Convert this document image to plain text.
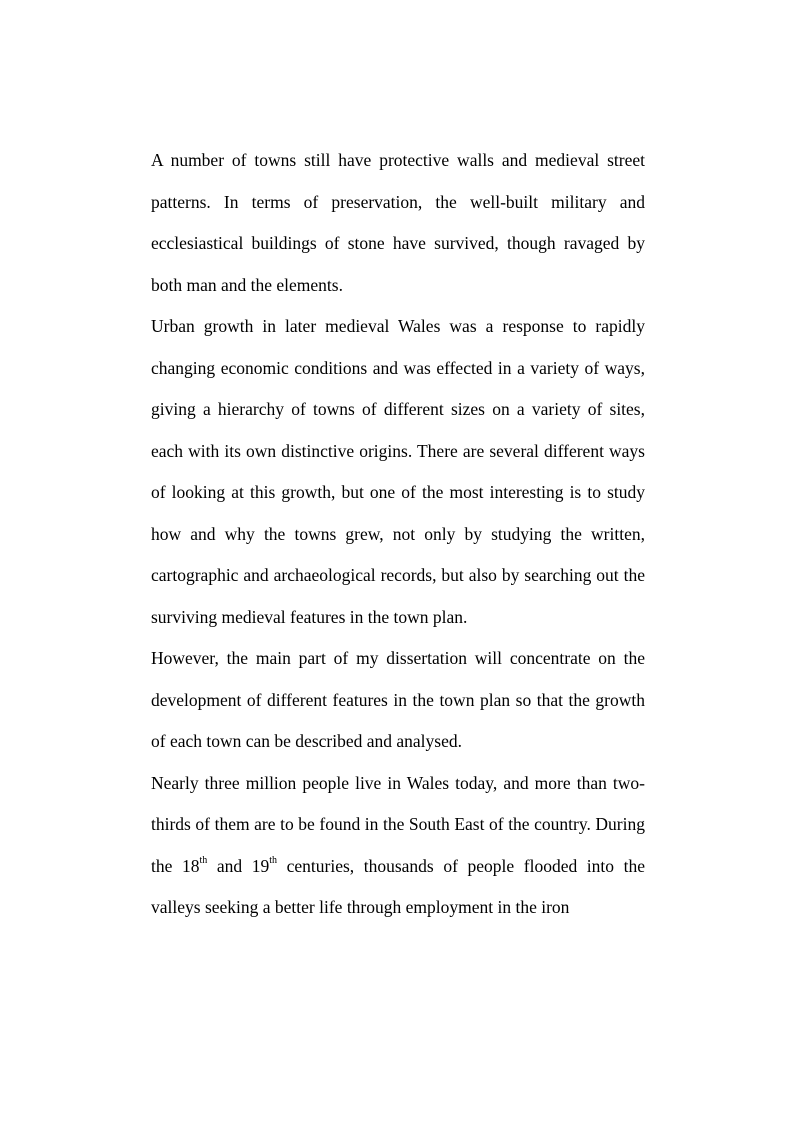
A number of towns still have protective walls and medieval street patterns. In terms of preservation, the well-built military and ecclesiastical buildings of stone have survived, though ravaged by both man and the elements.

Urban growth in later medieval Wales was a response to rapidly changing economic conditions and was effected in a variety of ways, giving a hierarchy of towns of different sizes on a variety of sites, each with its own distinctive origins. There are several different ways of looking at this growth, but one of the most interesting is to study how and why the towns grew, not only by studying the written, cartographic and archaeological records, but also by searching out the surviving medieval features in the town plan.

However, the main part of my dissertation will concentrate on the development of different features in the town plan so that the growth of each town can be described and analysed.

Nearly three million people live in Wales today, and more than two-thirds of them are to be found in the South East of the country. During the 18th and 19th centuries, thousands of people flooded into the valleys seeking a better life through employment in the iron
